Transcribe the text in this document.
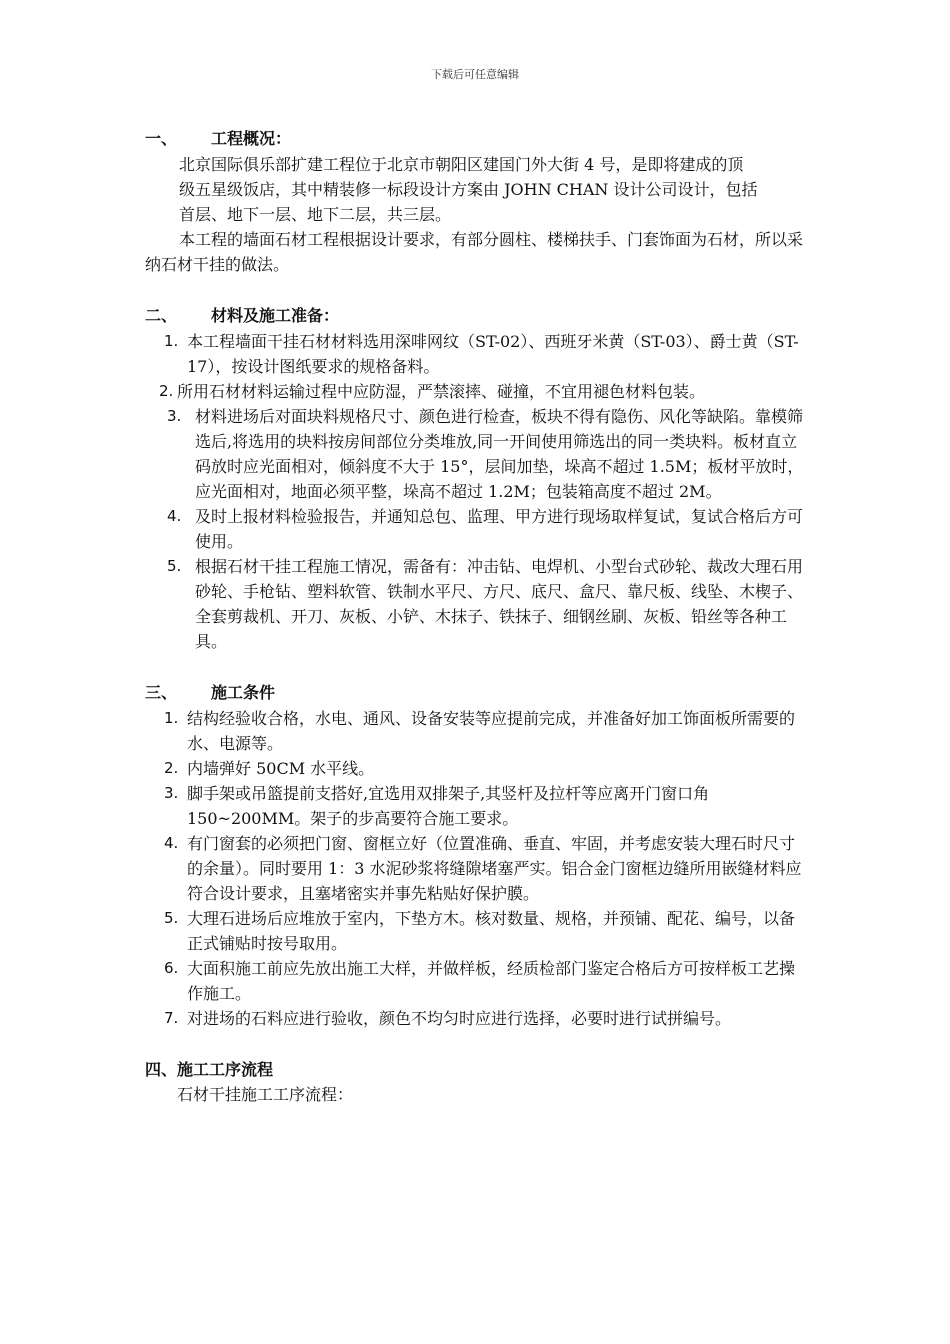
下载后可任意编辑
一、 工程概况：
北京国际俱乐部扩建工程位于北京市朝阳区建国门外大街 4 号，是即将建成的顶
级五星级饭店，其中精装修一标段设计方案由 JOHN CHAN 设计公司设计，包括
首层、地下一层、地下二层，共三层。
本工程的墙面石材工程根据设计要求，有部分圆柱、楼梯扶手、门套饰面为石材，所以采纳石材干挂的做法。
二、 材料及施工准备：
1. 本工程墙面干挂石材材料选用深啡网纹（ST-02）、西班牙米黄（ST-03）、爵士黄（ST-17），按设计图纸要求的规格备料。
2. 所用石材材料运输过程中应防湿，严禁滚摔、碰撞，不宜用褪色材料包装。
3. 材料进场后对面块料规格尺寸、颜色进行检查，板块不得有隐伤、风化等缺陷。靠模筛选后,将选用的块料按房间部位分类堆放,同一开间使用筛选出的同一类块料。板材直立码放时应光面相对，倾斜度不大于 15°，层间加垫，垛高不超过 1.5M；板材平放时，应光面相对，地面必须平整，垛高不超过 1.2M；包装箱高度不超过 2M。
4. 及时上报材料检验报告，并通知总包、监理、甲方进行现场取样复试，复试合格后方可使用。
5. 根据石材干挂工程施工情况，需备有：冲击钻、电焊机、小型台式砂轮、裁改大理石用砂轮、手枪钻、塑料软管、铁制水平尺、方尺、底尺、盒尺、靠尺板、线坠、木楔子、全套剪裁机、开刀、灰板、小铲、木抹子、铁抹子、细钢丝刷、灰板、铅丝等各种工具。
三、 施工条件
1. 结构经验收合格，水电、通风、设备安装等应提前完成，并准备好加工饰面板所需要的水、电源等。
2. 内墙弹好 50CM 水平线。
3. 脚手架或吊篮提前支搭好,宜选用双排架子,其竖杆及拉杆等应离开门窗口角 150~200MM。架子的步高要符合施工要求。
4. 有门窗套的必须把门窗、窗框立好（位置准确、垂直、牢固，并考虑安装大理石时尺寸的余量）。同时要用 1：3 水泥砂浆将缝隙堵塞严实。铝合金门窗框边缝所用嵌缝材料应符合设计要求，且塞堵密实并事先粘贴好保护膜。
5. 大理石进场后应堆放于室内，下垫方木。核对数量、规格，并预铺、配花、编号，以备正式铺贴时按号取用。
6. 大面积施工前应先放出施工大样，并做样板，经质检部门鉴定合格后方可按样板工艺操作施工。
7. 对进场的石料应进行验收，颜色不均匀时应进行选择，必要时进行试拼编号。
四、施工工序流程
石材干挂施工工序流程：
